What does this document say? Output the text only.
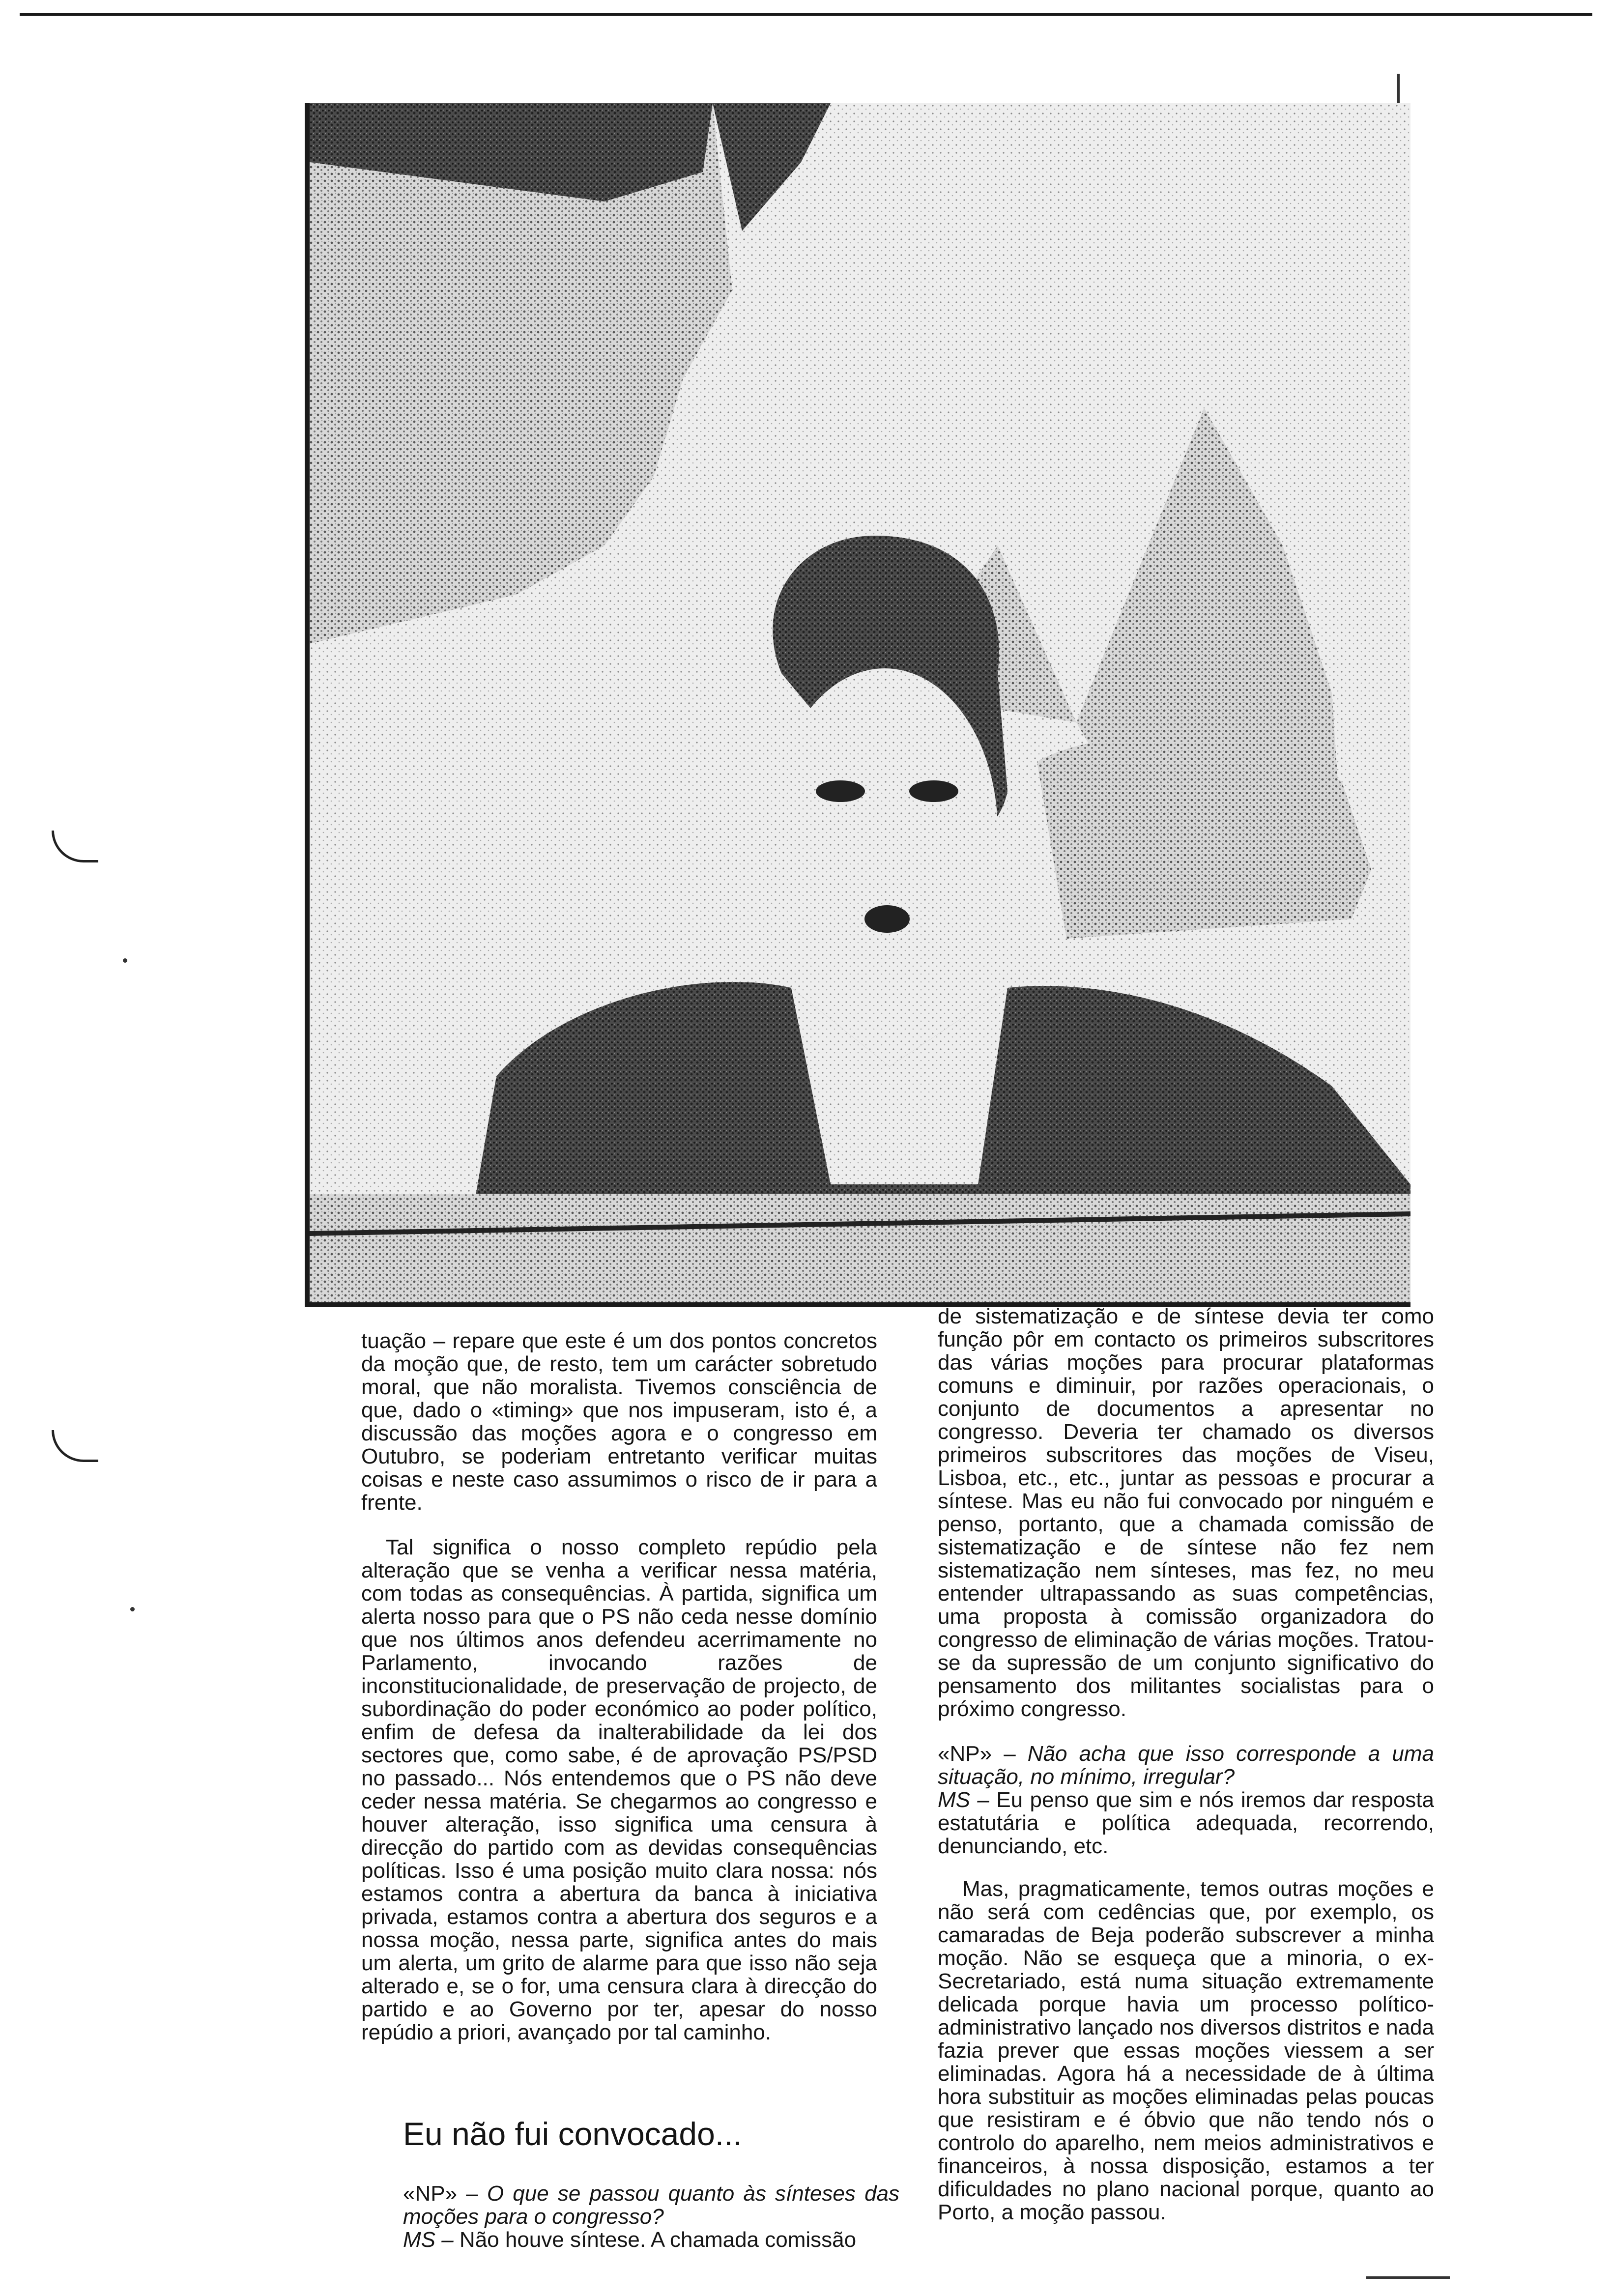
tuação – repare que este é um dos pontos concretos da moção que, de resto, tem um carácter sobretudo moral, que não moralista. Tivemos consciência de que, dado o «timing» que nos impuseram, isto é, a discussão das moções agora e o congresso em Outubro, se poderiam entretanto verificar muitas coisas e neste caso assumimos o risco de ir para a frente.

Tal significa o nosso completo repúdio pela alteração que se venha a verificar nessa matéria, com todas as consequências. À partida, significa um alerta nosso para que o PS não ceda nesse domínio que nos últimos anos defendeu acerrimamente no Parlamento, invocando razões de inconstitucionalidade, de preservação de projecto, de subordinação do poder económico ao poder político, enfim de defesa da inalterabilidade da lei dos sectores que, como sabe, é de aprovação PS/PSD no passado... Nós entendemos que o PS não deve ceder nessa matéria. Se chegarmos ao congresso e houver alteração, isso significa uma censura à direcção do partido com as devidas consequências políticas. Isso é uma posição muito clara nossa: nós estamos contra a abertura da banca à iniciativa privada, estamos contra a abertura dos seguros e a nossa moção, nessa parte, significa antes do mais um alerta, um grito de alarme para que isso não seja alterado e, se o for, uma censura clara à direcção do partido e ao Governo por ter, apesar do nosso repúdio a priori, avançado por tal caminho.

Eu não fui convocado...

«NP» – O que se passou quanto às sínteses das moções para o congresso?

MS – Não houve síntese. A chamada comissão

de sistematização e de síntese devia ter como função pôr em contacto os primeiros subscritores das várias moções para procurar plataformas comuns e diminuir, por razões operacionais, o conjunto de documentos a apresentar no congresso. Deveria ter chamado os diversos primeiros subscritores das moções de Viseu, Lisboa, etc., etc., juntar as pessoas e procurar a síntese. Mas eu não fui convocado por ninguém e penso, portanto, que a chamada comissão de sistematização e de síntese não fez nem sistematização nem sínteses, mas fez, no meu entender ultrapassando as suas competências, uma proposta à comissão organizadora do congresso de eliminação de várias moções. Tratou-se da supressão de um conjunto significativo do pensamento dos militantes socialistas para o próximo congresso.

«NP» – Não acha que isso corresponde a uma situação, no mínimo, irregular?

MS – Eu penso que sim e nós iremos dar resposta estatutária e política adequada, recorrendo, denunciando, etc.

Mas, pragmaticamente, temos outras moções e não será com cedências que, por exemplo, os camaradas de Beja poderão subscrever a minha moção. Não se esqueça que a minoria, o ex-Secretariado, está numa situação extremamente delicada porque havia um processo político-administrativo lançado nos diversos distritos e nada fazia prever que essas moções viessem a ser eliminadas. Agora há a necessidade de à última hora substituir as moções eliminadas pelas poucas que resistiram e é óbvio que não tendo nós o controlo do aparelho, nem meios administrativos e financeiros, à nossa disposição, estamos a ter dificuldades no plano nacional porque, quanto ao Porto, a moção passou.
